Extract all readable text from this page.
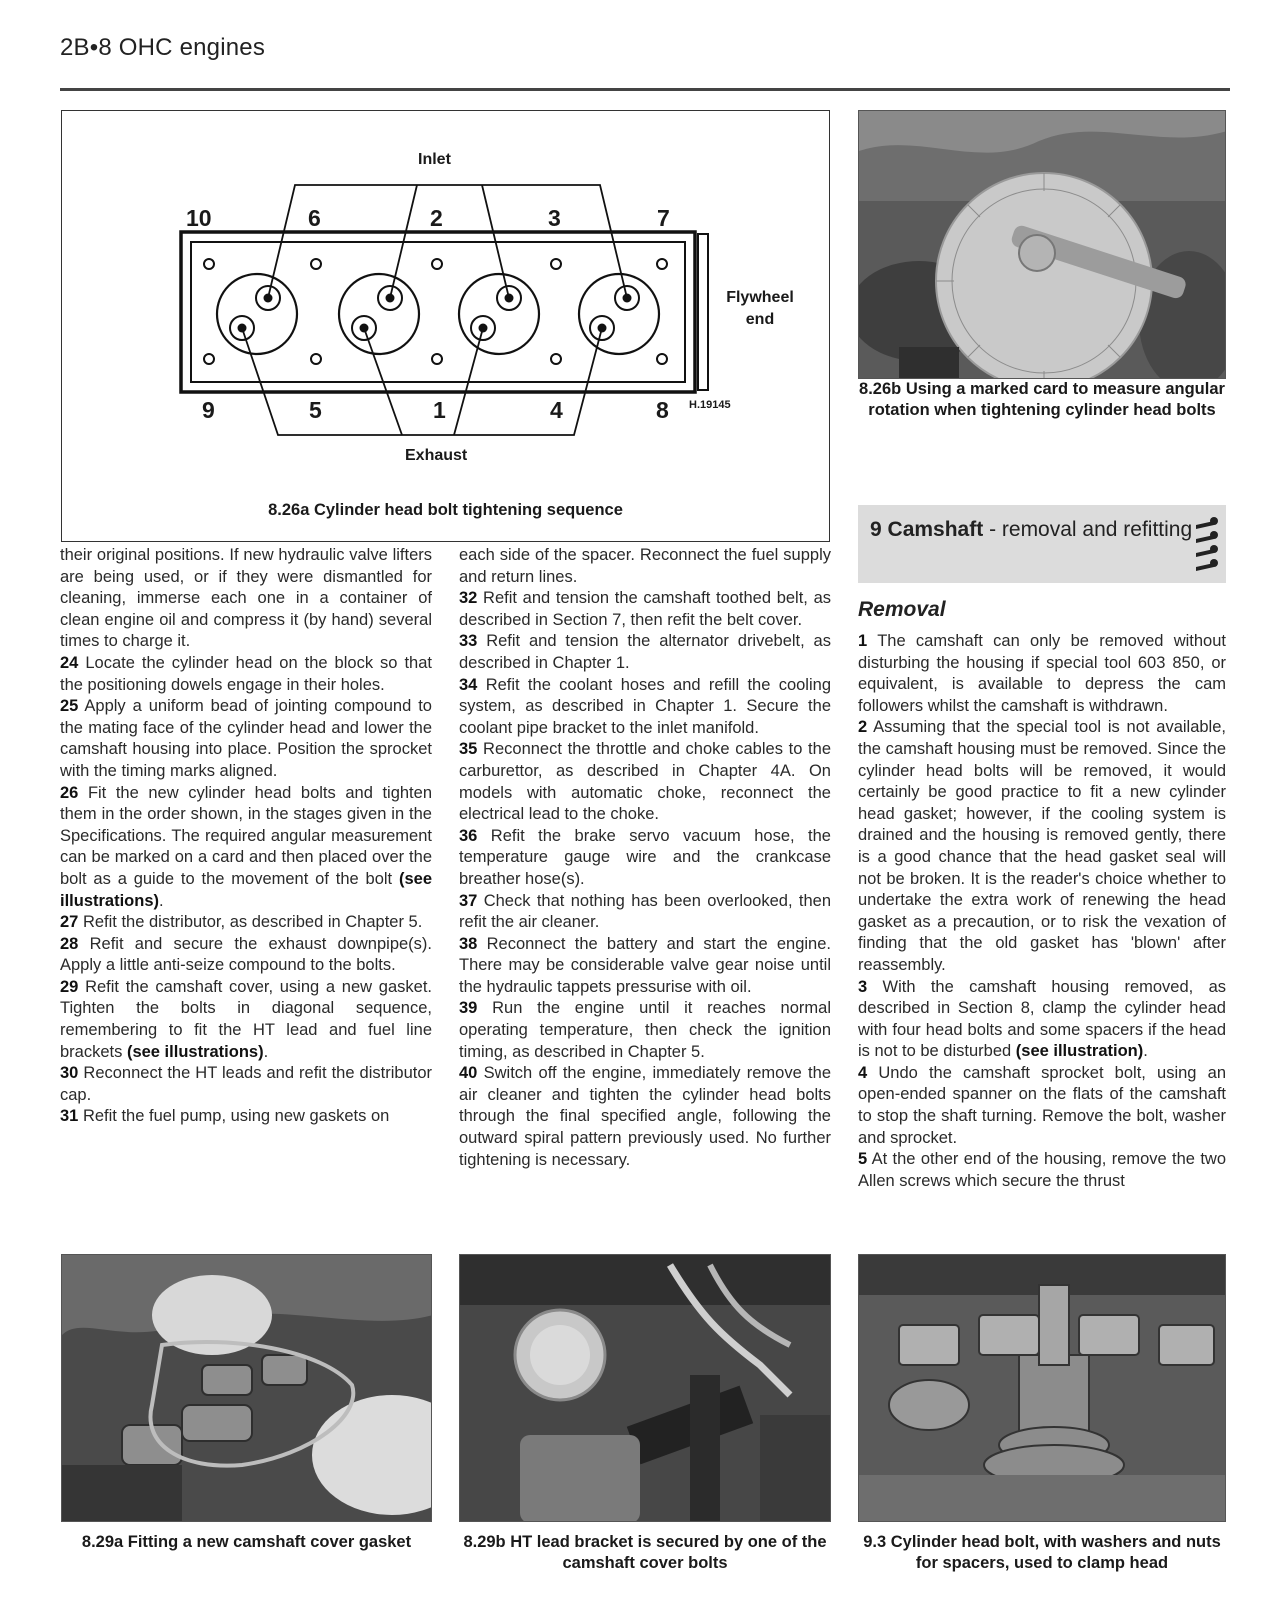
2B•8 OHC engines
Inlet
Exhaust
Flywheel
end
H.19145
10	6	2	3	7
9	5	1	4	8
8.26a Cylinder head bolt tightening sequence
8.26b Using a marked card to measure angular rotation when tightening cylinder head bolts
9 Camshaft - removal and refitting
Removal

their original positions. If new hydraulic valve lifters are being used, or if they were dismantled for cleaning, immerse each one in a container of clean engine oil and compress it (by hand) several times to charge it.

24 Locate the cylinder head on the block so that the positioning dowels engage in their holes.

25 Apply a uniform bead of jointing compound to the mating face of the cylinder head and lower the camshaft housing into place. Position the sprocket with the timing marks aligned.

26 Fit the new cylinder head bolts and tighten them in the order shown, in the stages given in the Specifications. The required angular measurement can be marked on a card and then placed over the bolt as a guide to the movement of the bolt (see illustrations).

27 Refit the distributor, as described in Chapter 5.

28 Refit and secure the exhaust downpipe(s). Apply a little anti-seize compound to the bolts.

29 Refit the camshaft cover, using a new gasket. Tighten the bolts in diagonal sequence, remembering to fit the HT lead and fuel line brackets (see illustrations).

30 Reconnect the HT leads and refit the distributor cap.

31 Refit the fuel pump, using new gaskets on

each side of the spacer. Reconnect the fuel supply and return lines.

32 Refit and tension the camshaft toothed belt, as described in Section 7, then refit the belt cover.

33 Refit and tension the alternator drivebelt, as described in Chapter 1.

34 Refit the coolant hoses and refill the cooling system, as described in Chapter 1. Secure the coolant pipe bracket to the inlet manifold.

35 Reconnect the throttle and choke cables to the carburettor, as described in Chapter 4A. On models with automatic choke, reconnect the electrical lead to the choke.

36 Refit the brake servo vacuum hose, the temperature gauge wire and the crankcase breather hose(s).

37 Check that nothing has been overlooked, then refit the air cleaner.

38 Reconnect the battery and start the engine. There may be considerable valve gear noise until the hydraulic tappets pressurise with oil.

39 Run the engine until it reaches normal operating temperature, then check the ignition timing, as described in Chapter 5.

40 Switch off the engine, immediately remove the air cleaner and tighten the cylinder head bolts through the final specified angle, following the outward spiral pattern previously used. No further tightening is necessary.

1 The camshaft can only be removed without disturbing the housing if special tool 603 850, or equivalent, is available to depress the cam followers whilst the camshaft is withdrawn.

2 Assuming that the special tool is not available, the camshaft housing must be removed. Since the cylinder head bolts will be removed, it would certainly be good practice to fit a new cylinder head gasket; however, if the cooling system is drained and the housing is removed gently, there is a good chance that the head gasket seal will not be broken. It is the reader's choice whether to undertake the extra work of renewing the head gasket as a precaution, or to risk the vexation of finding that the old gasket has 'blown' after reassembly.

3 With the camshaft housing removed, as described in Section 8, clamp the cylinder head with four head bolts and some spacers if the head is not to be disturbed (see illustration).

4 Undo the camshaft sprocket bolt, using an open-ended spanner on the flats of the camshaft to stop the shaft turning. Remove the bolt, washer and sprocket.

5 At the other end of the housing, remove the two Allen screws which secure the thrust

8.29a Fitting a new camshaft cover gasket	8.29b HT lead bracket is secured by one of the camshaft cover bolts
9.3 Cylinder head bolt, with washers and nuts for spacers, used to clamp head
